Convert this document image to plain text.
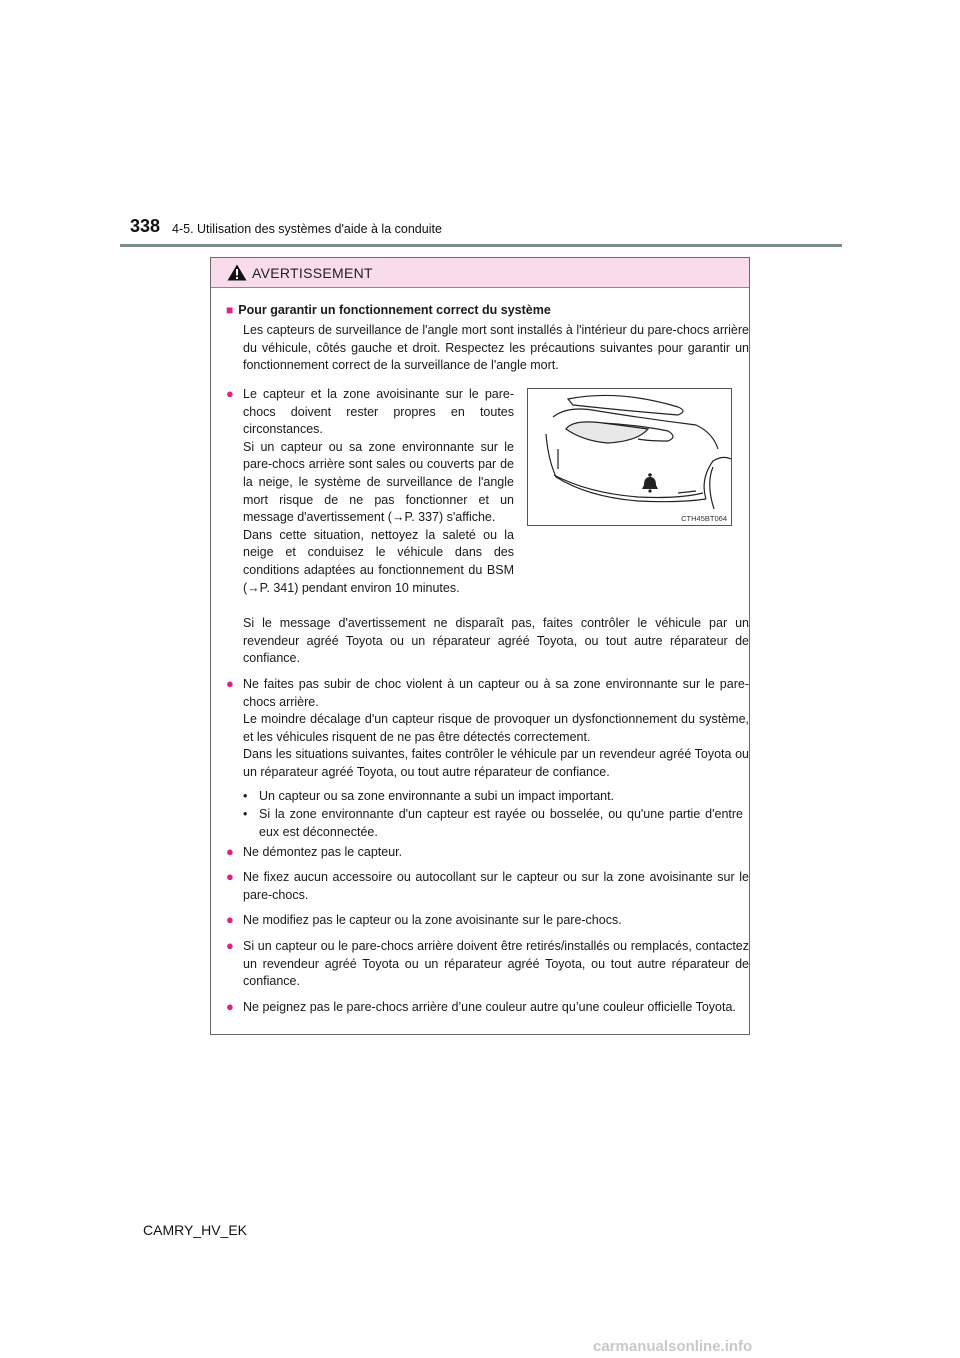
338 4-5. Utilisation des systèmes d'aide à la conduite
AVERTISSEMENT
■ Pour garantir un fonctionnement correct du système
Les capteurs de surveillance de l'angle mort sont installés à l'intérieur du pare-chocs arrière du véhicule, côtés gauche et droit. Respectez les précautions suivantes pour garantir un fonctionnement correct de la surveillance de l'angle mort.
● Le capteur et la zone avoisinante sur le pare-chocs doivent rester propres en toutes circonstances.
Si un capteur ou sa zone environnante sur le pare-chocs arrière sont sales ou couverts par de la neige, le système de surveillance de l'angle mort risque de ne pas fonctionner et un message d'avertissement (→P. 337) s'affiche.
Dans cette situation, nettoyez la saleté ou la neige et conduisez le véhicule dans des conditions adaptées au fonctionnement du BSM (→P. 341) pendant environ 10 minutes.
Si le message d'avertissement ne disparaît pas, faites contrôler le véhicule par un revendeur agréé Toyota ou un réparateur agréé Toyota, ou tout autre réparateur de confiance.
● Ne faites pas subir de choc violent à un capteur ou à sa zone environnante sur le pare-chocs arrière.
Le moindre décalage d'un capteur risque de provoquer un dysfonctionnement du système, et les véhicules risquent de ne pas être détectés correctement.
Dans les situations suivantes, faites contrôler le véhicule par un revendeur agréé Toyota ou un réparateur agréé Toyota, ou tout autre réparateur de confiance.
• Un capteur ou sa zone environnante a subi un impact important.
• Si la zone environnante d'un capteur est rayée ou bosselée, ou qu'une partie d'entre eux est déconnectée.
● Ne démontez pas le capteur.
● Ne fixez aucun accessoire ou autocollant sur le capteur ou sur la zone avoisinante sur le pare-chocs.
● Ne modifiez pas le capteur ou la zone avoisinante sur le pare-chocs.
● Si un capteur ou le pare-chocs arrière doivent être retirés/installés ou remplacés, contactez un revendeur agréé Toyota ou un réparateur agréé Toyota, ou tout autre réparateur de confiance.
● Ne peignez pas le pare-chocs arrière d’une couleur autre qu’une couleur officielle Toyota.
CTH45BT064
CAMRY_HV_EK
carmanualsonline.info
